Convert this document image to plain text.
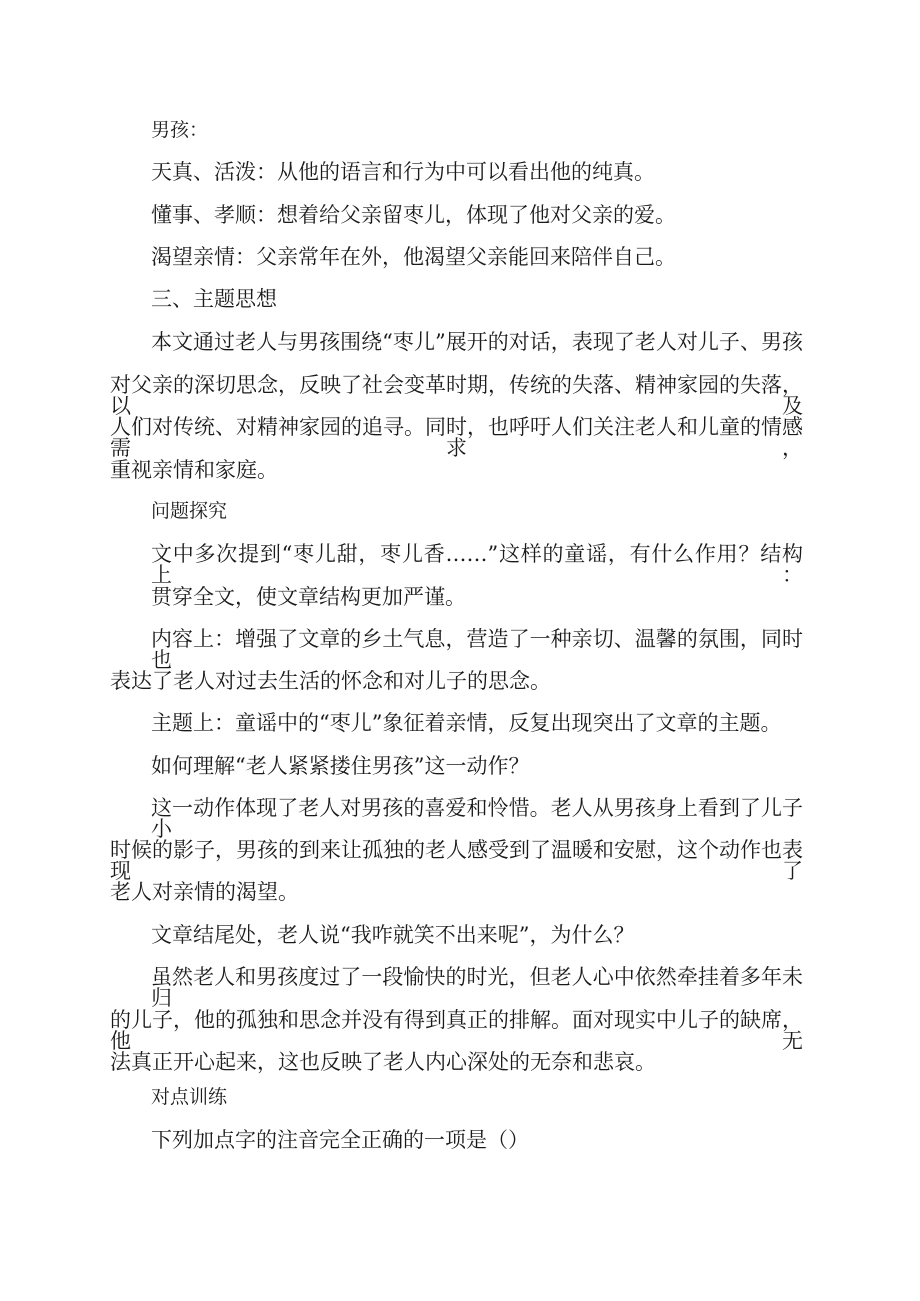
男孩：
天真、活泼：从他的语言和行为中可以看出他的纯真。
懂事、孝顺：想着给父亲留枣儿，体现了他对父亲的爱。
渴望亲情：父亲常年在外，他渴望父亲能回来陪伴自己。
三、主题思想
本文通过老人与男孩围绕“枣儿”展开的对话，表现了老人对儿子、男孩
对父亲的深切思念，反映了社会变革时期，传统的失落、精神家园的失落，以及
人们对传统、对精神家园的追寻。同时，也呼吁人们关注老人和儿童的情感需求，
重视亲情和家庭。
问题探究
文中多次提到“枣儿甜，枣儿香……”这样的童谣，有什么作用？结构上：
贯穿全文，使文章结构更加严谨。
内容上：增强了文章的乡土气息，营造了一种亲切、温馨的氛围，同时也
表达了老人对过去生活的怀念和对儿子的思念。
主题上：童谣中的“枣儿”象征着亲情，反复出现突出了文章的主题。
如何理解“老人紧紧搂住男孩”这一动作？
这一动作体现了老人对男孩的喜爱和怜惜。老人从男孩身上看到了儿子小
时候的影子，男孩的到来让孤独的老人感受到了温暖和安慰，这个动作也表现了
老人对亲情的渴望。
文章结尾处，老人说“我咋就笑不出来呢”，为什么？
虽然老人和男孩度过了一段愉快的时光，但老人心中依然牵挂着多年未归
的儿子，他的孤独和思念并没有得到真正的排解。面对现实中儿子的缺席，他无
法真正开心起来，这也反映了老人内心深处的无奈和悲哀。
对点训练
下列加点字的注音完全正确的一项是（）
